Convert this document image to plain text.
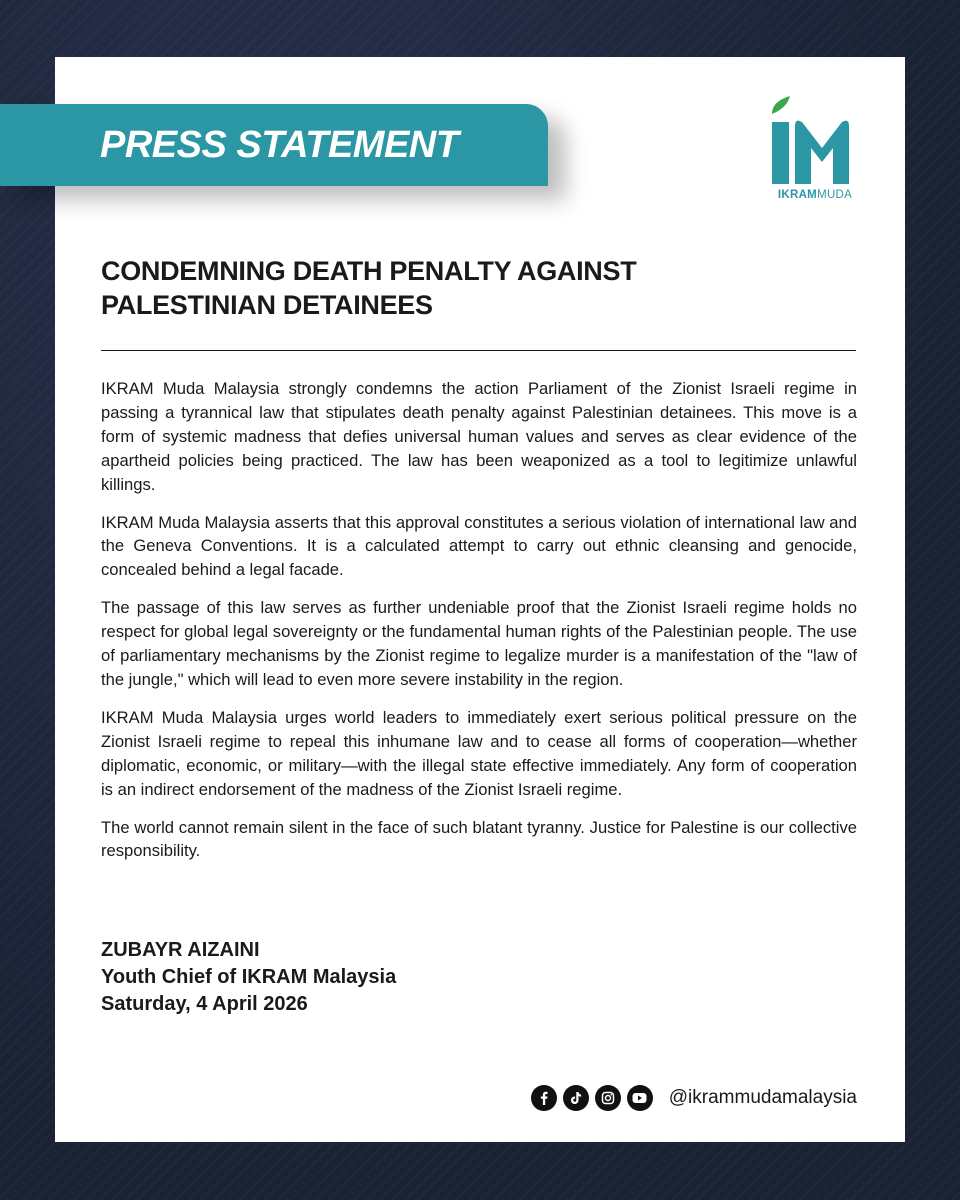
PRESS STATEMENT
IKRAMMUDA
CONDEMNING DEATH PENALTY AGAINST
PALESTINIAN DETAINEES

IKRAM Muda Malaysia strongly condemns the action Parliament of the Zionist Israeli regime in passing a tyrannical law that stipulates death penalty against Palestinian detainees. This move is a form of systemic madness that defies universal human values and serves as clear evidence of the apartheid policies being practiced. The law has been weaponized as a tool to legitimize unlawful killings.

IKRAM Muda Malaysia asserts that this approval constitutes a serious violation of international law and the Geneva Conventions. It is a calculated attempt to carry out ethnic cleansing and genocide, concealed behind a legal facade.

The passage of this law serves as further undeniable proof that the Zionist Israeli regime holds no respect for global legal sovereignty or the fundamental human rights of the Palestinian people. The use of parliamentary mechanisms by the Zionist regime to legalize murder is a manifestation of the "law of the jungle," which will lead to even more severe instability in the region.

IKRAM Muda Malaysia urges world leaders to immediately exert serious political pressure on the Zionist Israeli regime to repeal this inhumane law and to cease all forms of cooperation—whether diplomatic, economic, or military—with the illegal state effective immediately. Any form of cooperation is an indirect endorsement of the madness of the Zionist Israeli regime.

The world cannot remain silent in the face of such blatant tyranny. Justice for Palestine is our collective responsibility.

ZUBAYR AIZAINI
Youth Chief of IKRAM Malaysia
Saturday, 4 April 2026
@ikrammudamalaysia
